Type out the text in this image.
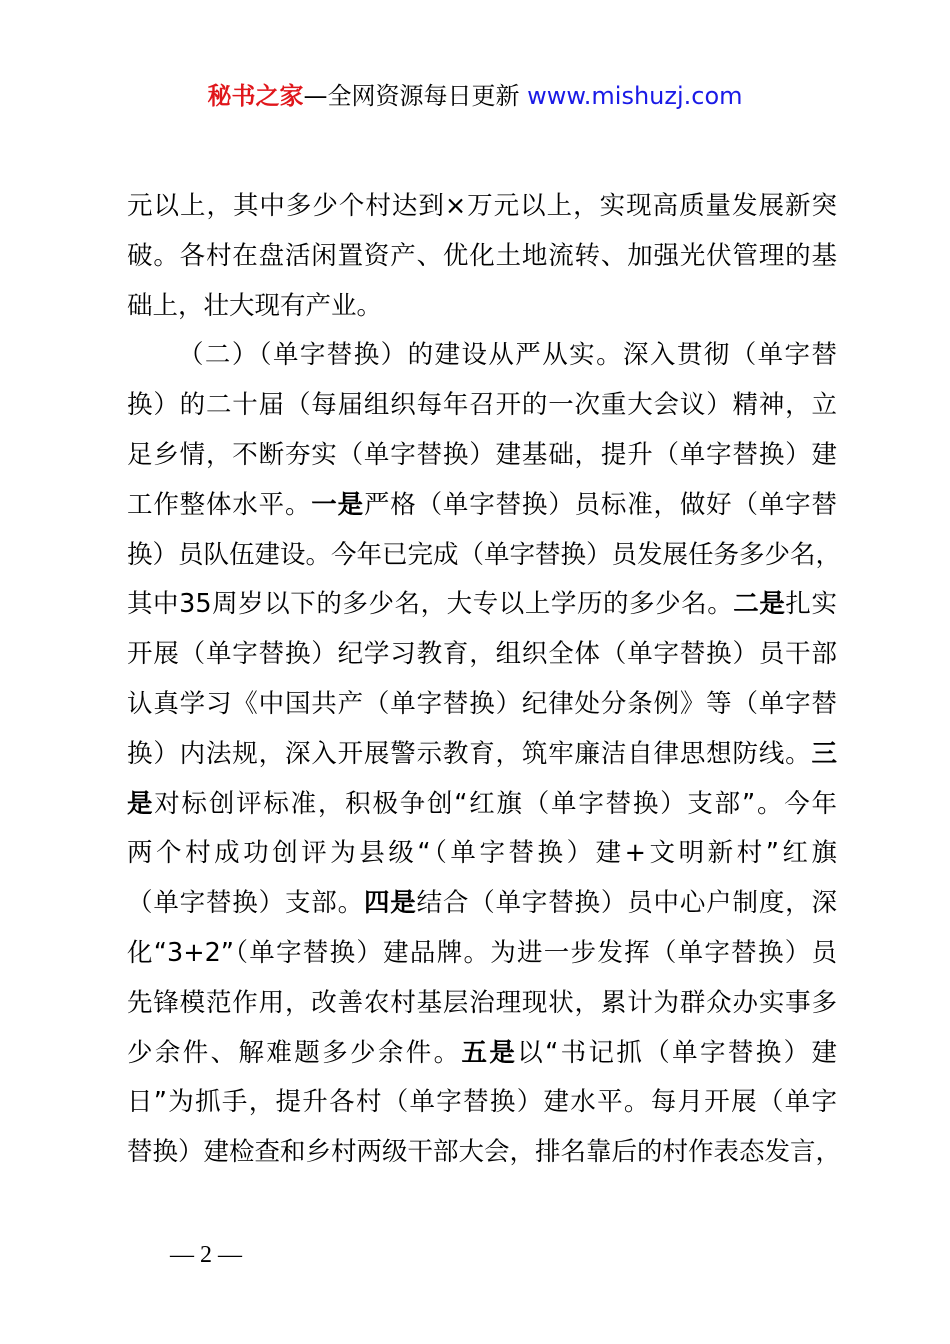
秘书之家—全网资源每日更新 www.mishuzj.com
元以上，其中多少个村达到×万元以上，实现高质量发展新突
破。各村在盘活闲置资产、优化土地流转、加强光伏管理的基
础上，壮大现有产业。
（二）（单字替换）的建设从严从实。深入贯彻（单字替
换）的二十届（每届组织每年召开的一次重大会议）精神，立
足乡情，不断夯实（单字替换）建基础，提升（单字替换）建
工作整体水平。一是严格（单字替换）员标准，做好（单字替
换）员队伍建设。今年已完成（单字替换）员发展任务多少名，
其中35周岁以下的多少名，大专以上学历的多少名。二是扎实
开展（单字替换）纪学习教育，组织全体（单字替换）员干部
认真学习《中国共产（单字替换）纪律处分条例》等（单字替
换）内法规，深入开展警示教育，筑牢廉洁自律思想防线。三
是对标创评标准，积极争创“红旗（单字替换）支部”。今年
两个村成功创评为县级“（单字替换）建+文明新村”红旗
（单字替换）支部。四是结合（单字替换）员中心户制度，深
化“3+2”（单字替换）建品牌。为进一步发挥（单字替换）员
先锋模范作用，改善农村基层治理现状，累计为群众办实事多
少余件、解难题多少余件。五是以“书记抓（单字替换）建
日”为抓手，提升各村（单字替换）建水平。每月开展（单字
替换）建检查和乡村两级干部大会，排名靠后的村作表态发言，
— 2 —
